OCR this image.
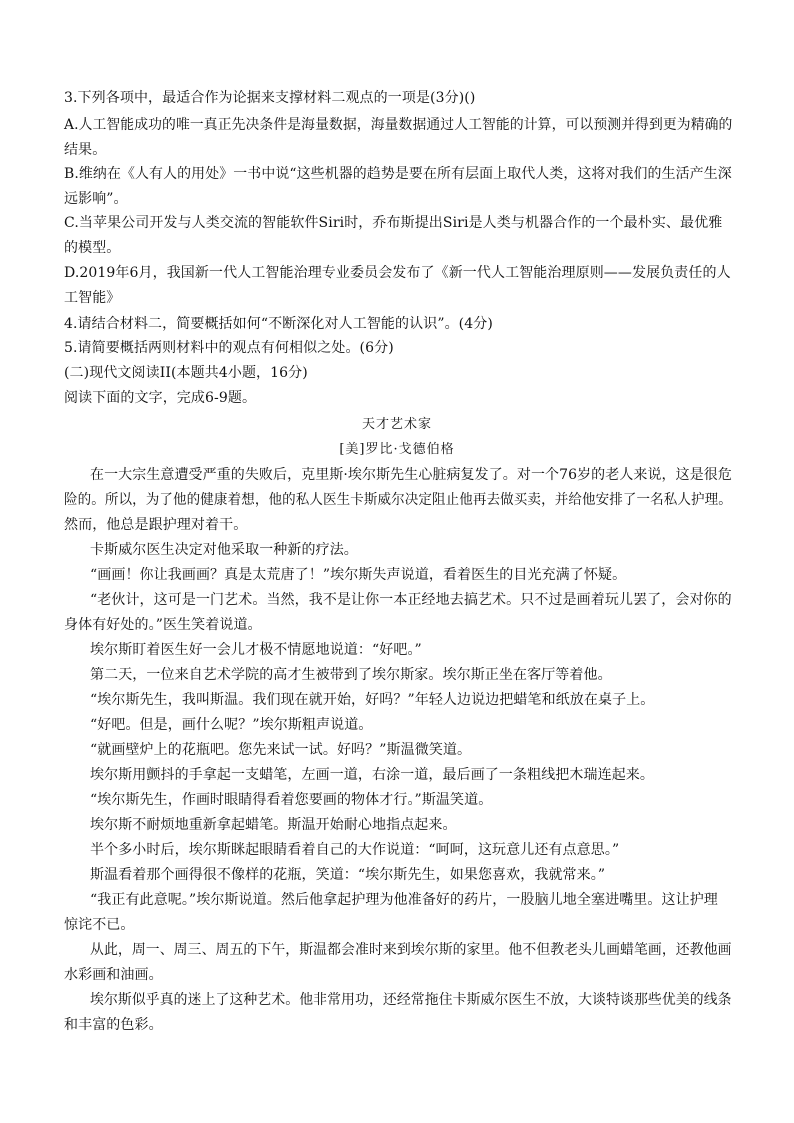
3.下列各项中，最适合作为论据来支撑材料二观点的一项是(3分)()
A.人工智能成功的唯一真正先决条件是海量数据，海量数据通过人工智能的计算，可以预测并得到更为精确的
结果。
B.维纳在《人有人的用处》一书中说“这些机器的趋势是要在所有层面上取代人类，这将对我们的生活产生深
远影响”。
C.当苹果公司开发与人类交流的智能软件Siri时，乔布斯提出Siri是人类与机器合作的一个最朴实、最优雅
的模型。
D.2019年6月，我国新一代人工智能治理专业委员会发布了《新一代人工智能治理原则——发展负责任的人
工智能》
4.请结合材料二，简要概括如何“不断深化对人工智能的认识”。(4分)
5.请简要概括两则材料中的观点有何相似之处。(6分)
(二)现代文阅读II(本题共4小题，16分)
阅读下面的文字，完成6-9题。
天才艺术家
[美]罗比·戈德伯格
在一大宗生意遭受严重的失败后，克里斯·埃尔斯先生心脏病复发了。对一个76岁的老人来说，这是很危
险的。所以，为了他的健康着想，他的私人医生卡斯威尔决定阻止他再去做买卖，并给他安排了一名私人护理。
然而，他总是跟护理对着干。
卡斯威尔医生决定对他采取一种新的疗法。
“画画！你让我画画？真是太荒唐了！”埃尔斯失声说道，看着医生的目光充满了怀疑。
“老伙计，这可是一门艺术。当然，我不是让你一本正经地去搞艺术。只不过是画着玩儿罢了，会对你的
身体有好处的。”医生笑着说道。
埃尔斯盯着医生好一会儿才极不情愿地说道：“好吧。”
第二天，一位来自艺术学院的高才生被带到了埃尔斯家。埃尔斯正坐在客厅等着他。
“埃尔斯先生，我叫斯温。我们现在就开始，好吗？”年轻人边说边把蜡笔和纸放在桌子上。
“好吧。但是，画什么呢？”埃尔斯粗声说道。
“就画壁炉上的花瓶吧。您先来试一试。好吗？”斯温微笑道。
埃尔斯用颤抖的手拿起一支蜡笔，左画一道，右涂一道，最后画了一条粗线把木瑞连起来。
“埃尔斯先生，作画时眼睛得看着您要画的物体才行。”斯温笑道。
埃尔斯不耐烦地重新拿起蜡笔。斯温开始耐心地指点起来。
半个多小时后，埃尔斯眯起眼睛看着自己的大作说道：“呵呵，这玩意儿还有点意思。”
斯温看着那个画得很不像样的花瓶，笑道：“埃尔斯先生，如果您喜欢，我就常来。”
“我正有此意呢。”埃尔斯说道。然后他拿起护理为他准备好的药片，一股脑儿地全塞进嘴里。这让护理
惊诧不已。
从此，周一、周三、周五的下午，斯温都会准时来到埃尔斯的家里。他不但教老头儿画蜡笔画，还教他画
水彩画和油画。
埃尔斯似乎真的迷上了这种艺术。他非常用功，还经常拖住卡斯威尔医生不放，大谈特谈那些优美的线条
和丰富的色彩。
